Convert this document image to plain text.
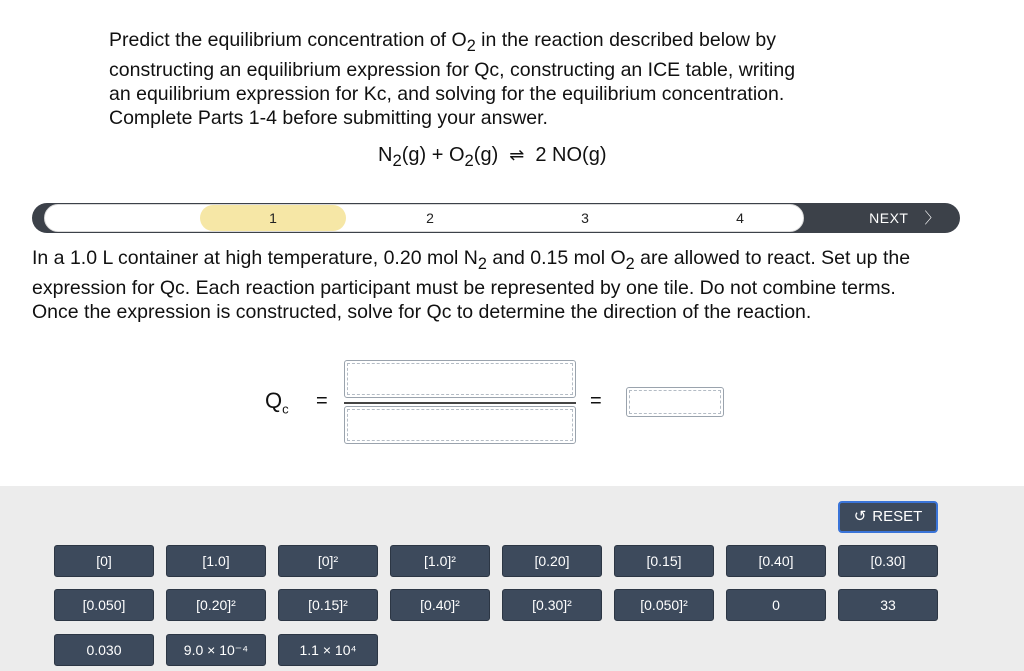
Predict the equilibrium concentration of $O_2$ in the reaction described below by
constructing an equilibrium expression for Qc, constructing an ICE table, writing
an equilibrium expression for Kc, and solving for the equilibrium concentration.
Complete Parts 1-4 before submitting your answer.
$N_2(g) + O_2(g)$ ⇌ 2 NO(g)
1	2	3	4	NEXT 〉
In a 1.0 L container at high temperature, 0.20 mol $N_2$ and 0.15 mol $O_2$ are allowed to react. Set up the expression for Qc. Each reaction participant must be represented by one tile. Do not combine terms.
Once the expression is constructed, solve for Qc to determine the direction of the reaction.
$Q_c$ =	=
↺ RESET
[0]	[1.0]	[0]²	[1.0]²	[0.20]	[0.15]	[0.40]	[0.30]
[0.050]	[0.20]²	[0.15]²	[0.40]²	[0.30]²	[0.050]²	0	33
0.030	9.0 × 10⁻⁴	1.1 × 10⁴
